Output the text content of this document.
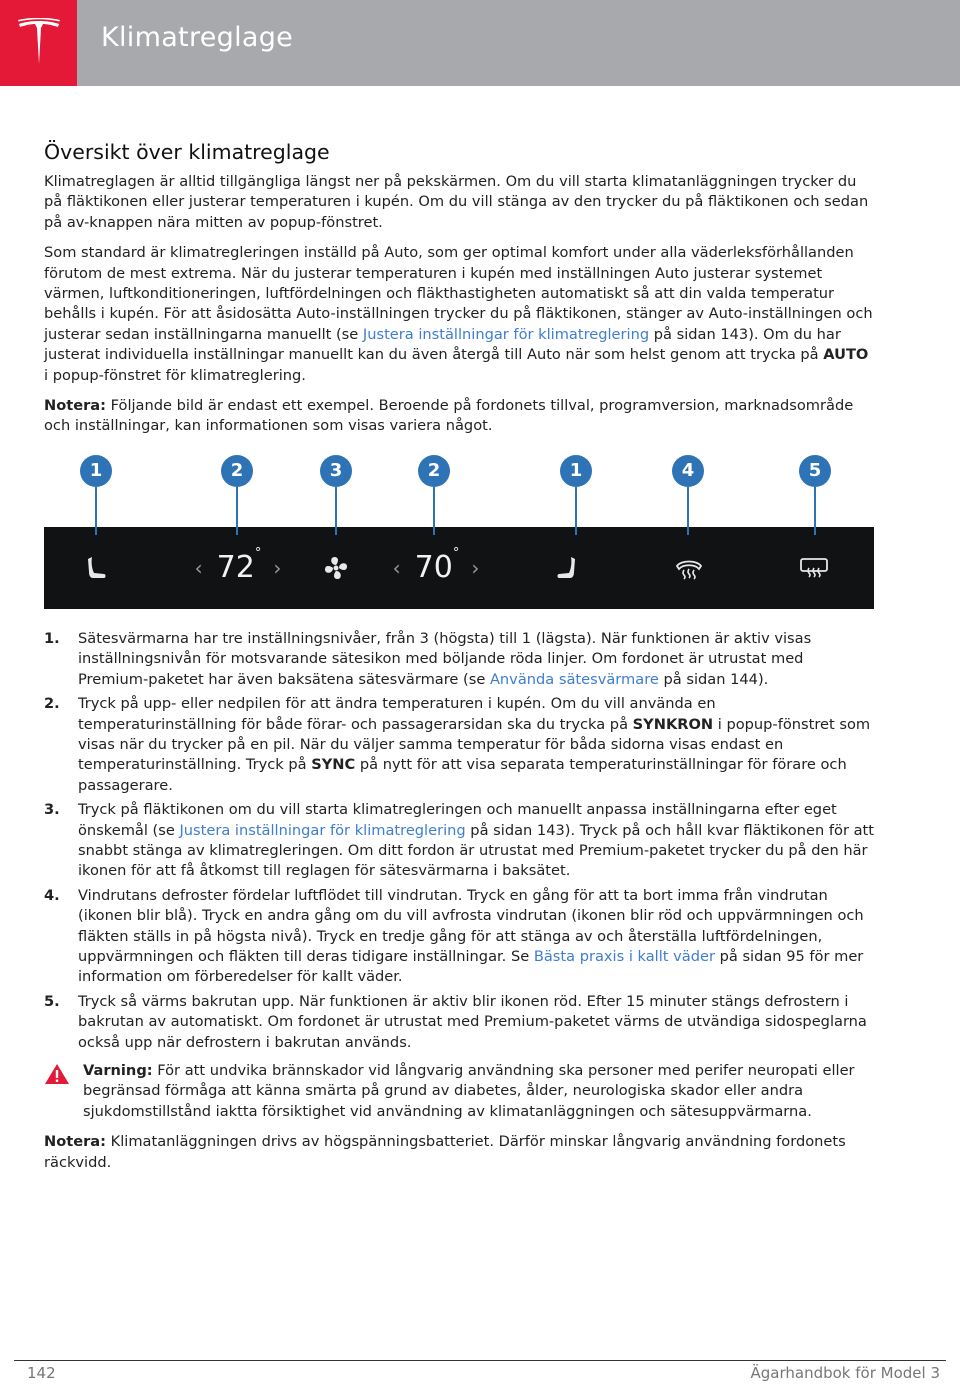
Klimatreglage
Översikt över klimatreglage

Klimatreglagen är alltid tillgängliga längst ner på pekskärmen. Om du vill starta klimatanläggningen trycker du på fläktikonen eller justerar temperaturen i kupén. Om du vill stänga av den trycker du på fläktikonen och sedan på av-knappen nära mitten av popup-fönstret.

Som standard är klimatregleringen inställd på Auto, som ger optimal komfort under alla väderleksförhållanden förutom de mest extrema. När du justerar temperaturen i kupén med inställningen Auto justerar systemet värmen, luftkonditioneringen, luftfördelningen och fläkthastigheten automatiskt så att din valda temperatur behålls i kupén. För att åsidosätta Auto-inställningen trycker du på fläktikonen, stänger av Auto-inställningen och justerar sedan inställningarna manuellt (se Justera inställningar för klimatreglering på sidan 143). Om du har justerat individuella inställningar manuellt kan du även återgå till Auto när som helst genom att trycka på AUTO i popup-fönstret för klimatreglering.

Notera: Följande bild är endast ett exempel. Beroende på fordonets tillval, programversion, marknadsområde och inställningar, kan informationen som visas variera något.

1	2	3	2	1	4	5
‹ 72°
›	‹ 70°
›
1. Sätesvärmarna har tre inställningsnivåer, från 3 (högsta) till 1 (lägsta). När funktionen är aktiv visas inställningsnivån för motsvarande sätesikon med böljande röda linjer. Om fordonet är utrustat med Premium-paketet har även baksätena sätesvärmare (se Använda sätesvärmare på sidan 144).
2. Tryck på upp- eller nedpilen för att ändra temperaturen i kupén. Om du vill använda en temperaturinställning för både förar- och passagerarsidan ska du trycka på SYNKRON i popup-fönstret som visas när du trycker på en pil. När du väljer samma temperatur för båda sidorna visas endast en temperaturinställning. Tryck på SYNC på nytt för att visa separata temperaturinställningar för förare och passagerare.
3. Tryck på fläktikonen om du vill starta klimatregleringen och manuellt anpassa inställningarna efter eget önskemål (se Justera inställningar för klimatreglering på sidan 143). Tryck på och håll kvar fläktikonen för att snabbt stänga av klimatregleringen. Om ditt fordon är utrustat med Premium-paketet trycker du på den här ikonen för att få åtkomst till reglagen för sätesvärmarna i baksätet.
4. Vindrutans defroster fördelar luftflödet till vindrutan. Tryck en gång för att ta bort imma från vindrutan (ikonen blir blå). Tryck en andra gång om du vill avfrosta vindrutan (ikonen blir röd och uppvärmningen och fläkten ställs in på högsta nivå). Tryck en tredje gång för att stänga av och återställa luftfördelningen, uppvärmningen och fläkten till deras tidigare inställningar. Se Bästa praxis i kallt väder på sidan 95 för mer information om förberedelser för kallt väder.
5. Tryck så värms bakrutan upp. När funktionen är aktiv blir ikonen röd. Efter 15 minuter stängs defrostern i bakrutan av automatiskt. Om fordonet är utrustat med Premium-paketet värms de utvändiga sidospeglarna också upp när defrostern i bakrutan används.
Varning: För att undvika brännskador vid långvarig användning ska personer med perifer neuropati eller begränsad förmåga att känna smärta på grund av diabetes, ålder, neurologiska skador eller andra sjukdomstillstånd iaktta försiktighet vid användning av klimatanläggningen och sätesuppvärmarna.

Notera: Klimatanläggningen drivs av högspänningsbatteriet. Därför minskar långvarig användning fordonets räckvidd.

142	Ägarhandbok för Model 3
